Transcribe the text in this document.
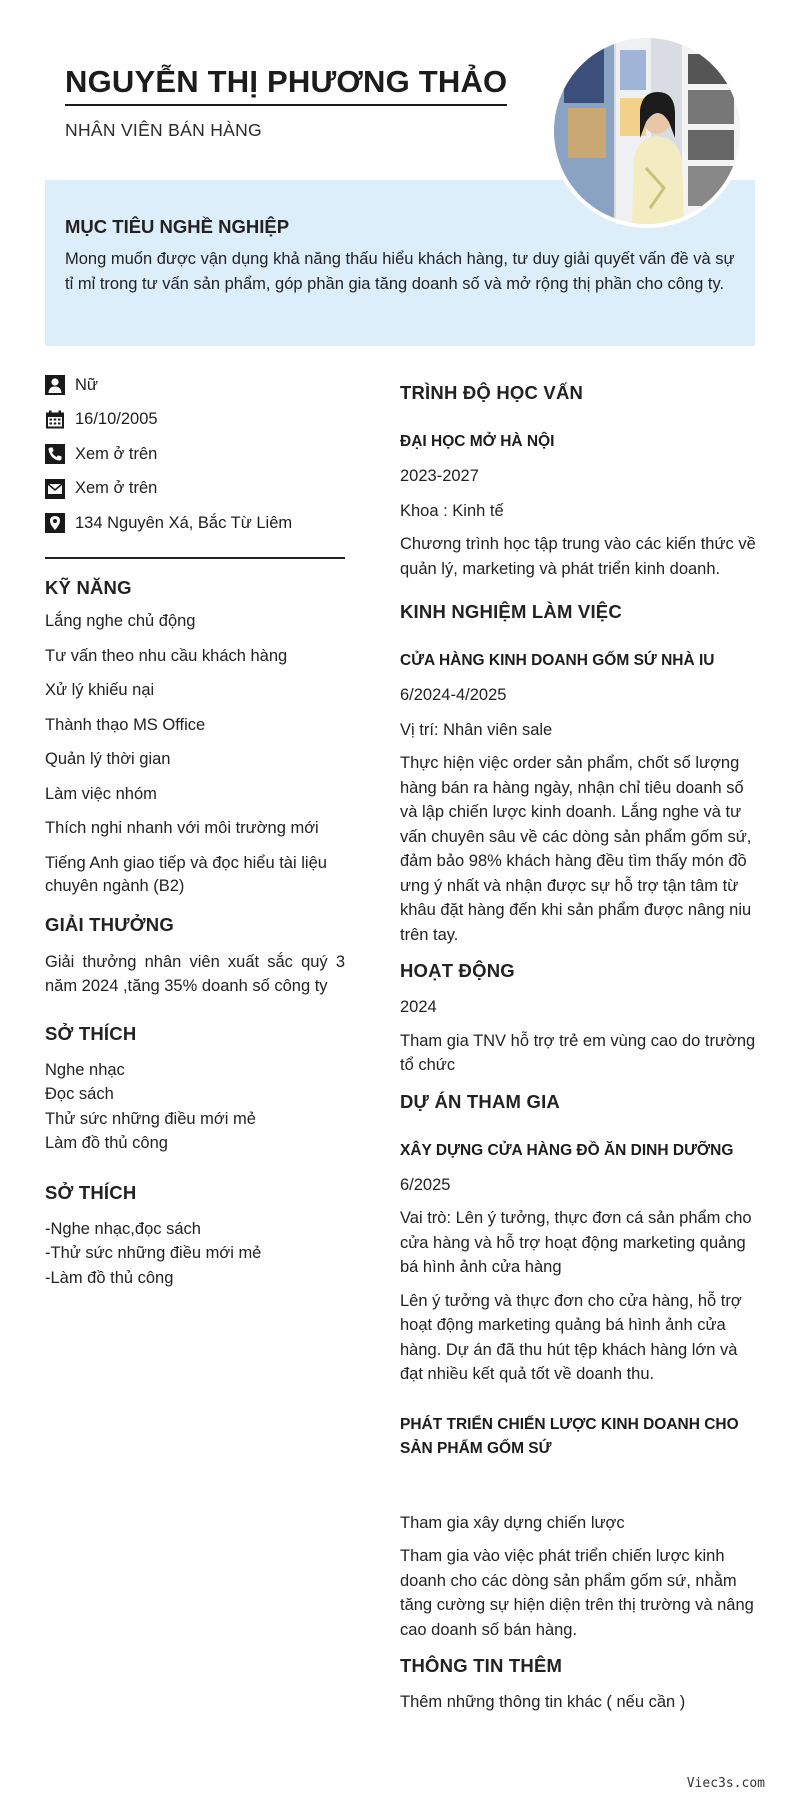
NGUYỄN THỊ PHƯƠNG THẢO
NHÂN VIÊN BÁN HÀNG
MỤC TIÊU NGHỀ NGHIỆP

Mong muốn được vận dụng khả năng thấu hiểu khách hàng, tư duy giải quyết vấn đề và sự tỉ mỉ trong tư vấn sản phẩm, góp phần gia tăng doanh số và mở rộng thị phần cho công ty.

Nữ
16/10/2005
Xem ở trên
Xem ở trên
134 Nguyên Xá, Bắc Từ Liêm
KỸ NĂNG
Lắng nghe chủ động
Tư vấn theo nhu cầu khách hàng
Xử lý khiếu nại
Thành thạo MS Office
Quản lý thời gian
Làm việc nhóm
Thích nghi nhanh với môi trường mới
Tiếng Anh giao tiếp và đọc hiểu tài liệu chuyên ngành (B2)
GIẢI THƯỞNG
Giải thưởng nhân viên xuất sắc quý 3 năm 2024 ,tăng 35% doanh số công ty
SỞ THÍCH
Nghe nhạc
Đọc sách
Thử sức những điều mới mẻ
Làm đồ thủ công
SỞ THÍCH
-Nghe nhạc,đọc sách
-Thử sức những điều mới mẻ
-Làm đồ thủ công
TRÌNH ĐỘ HỌC VẤN
ĐẠI HỌC MỞ HÀ NỘI
2023-2027
Khoa : Kinh tế
Chương trình học tập trung vào các kiến thức về quản lý, marketing và phát triển kinh doanh.
KINH NGHIỆM LÀM VIỆC
CỬA HÀNG KINH DOANH GỐM SỨ NHÀ IU
6/2024-4/2025
Vị trí: Nhân viên sale
Thực hiện việc order sản phẩm, chốt số lượng hàng bán ra hàng ngày, nhận chỉ tiêu doanh số và lập chiến lược kinh doanh. Lắng nghe và tư vấn chuyên sâu về các dòng sản phẩm gốm sứ, đảm bảo 98% khách hàng đều tìm thấy món đồ ưng ý nhất và nhận được sự hỗ trợ tận tâm từ khâu đặt hàng đến khi sản phẩm được nâng niu trên tay.
HOẠT ĐỘNG
2024
Tham gia TNV hỗ trợ trẻ em vùng cao do trường tổ chức
DỰ ÁN THAM GIA
XÂY DỰNG CỬA HÀNG ĐỒ ĂN DINH DƯỠNG
6/2025
Vai trò: Lên ý tưởng, thực đơn cá sản phẩm cho cửa hàng và hỗ trợ hoạt động marketing quảng bá hình ảnh cửa hàng
Lên ý tưởng và thực đơn cho cửa hàng, hỗ trợ hoạt động marketing quảng bá hình ảnh cửa hàng. Dự án đã thu hút tệp khách hàng lớn và đạt nhiều kết quả tốt về doanh thu.
PHÁT TRIỂN CHIẾN LƯỢC KINH DOANH CHO SẢN PHẨM GỐM SỨ
Tham gia xây dựng chiến lược
Tham gia vào việc phát triển chiến lược kinh doanh cho các dòng sản phẩm gốm sứ, nhằm tăng cường sự hiện diện trên thị trường và nâng cao doanh số bán hàng.
THÔNG TIN THÊM
Thêm những thông tin khác ( nếu cần )
Viec3s.com
